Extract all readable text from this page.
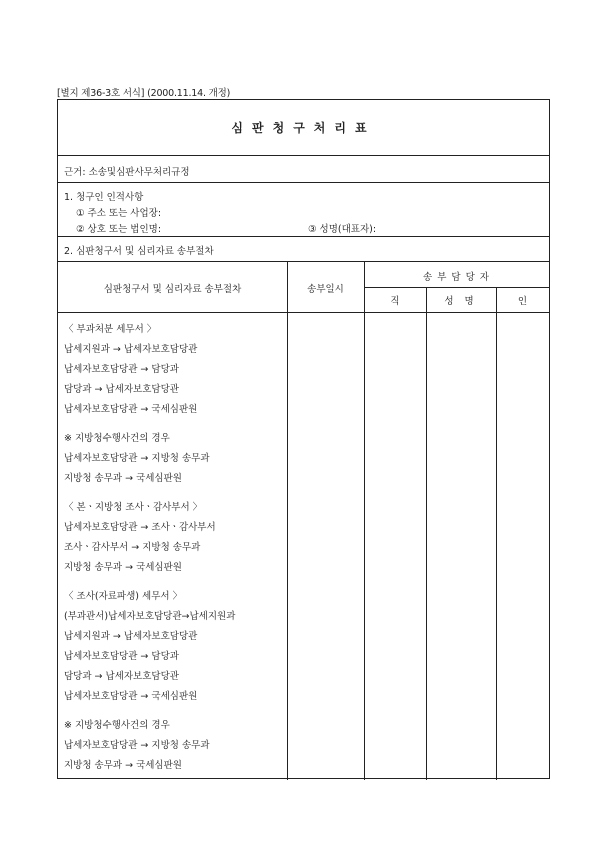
[별지 제36-3호 서식] (2000.11.14. 개정)
심판청구처리표
근거: 소송및심판사무처리규정
1. 청구인 인적사항
① 주소 또는 사업장:
② 상호 또는 법인명:	③ 성명(대표자):
2. 심판청구서 및 심리자료 송부절차
심판청구서 및 심리자료 송부절차	송부일시
송 부 담 당 자
직	성 명	인
〈 부과처분 세무서 〉
납세지원과 → 납세자보호담당관
납세자보호담당관 → 담당과
담당과 → 납세자보호담당관
납세자보호담당관 → 국세심판원
※ 지방청수행사건의 경우
납세자보호담당관 → 지방청 송무과
지방청 송무과 → 국세심판원
〈 본ㆍ지방청 조사ㆍ감사부서 〉
납세자보호담당관 → 조사ㆍ감사부서
조사ㆍ감사부서 → 지방청 송무과
지방청 송무과 → 국세심판원
〈 조사(자료파생) 세무서 〉
(부과관서)납세자보호담당관→납세지원과
납세지원과 → 납세자보호담당관
납세자보호담당관 → 담당과
담당과 → 납세자보호담당관
납세자보호담당관 → 국세심판원
※ 지방청수행사건의 경우
납세자보호담당관 → 지방청 송무과
지방청 송무과 → 국세심판원
